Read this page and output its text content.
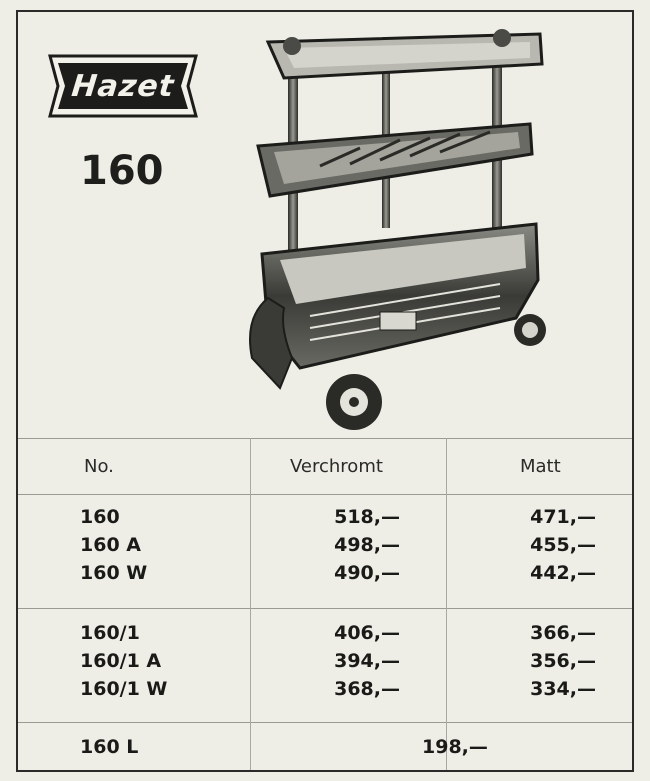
Hazet
160
No.	Verchromt	Matt
160	518,—	471,—
160 A	498,—	455,—
160 W	490,—	442,—
160/1	406,—	366,—
160/1 A	394,—	356,—
160/1 W	368,—	334,—
160 L	198,—
